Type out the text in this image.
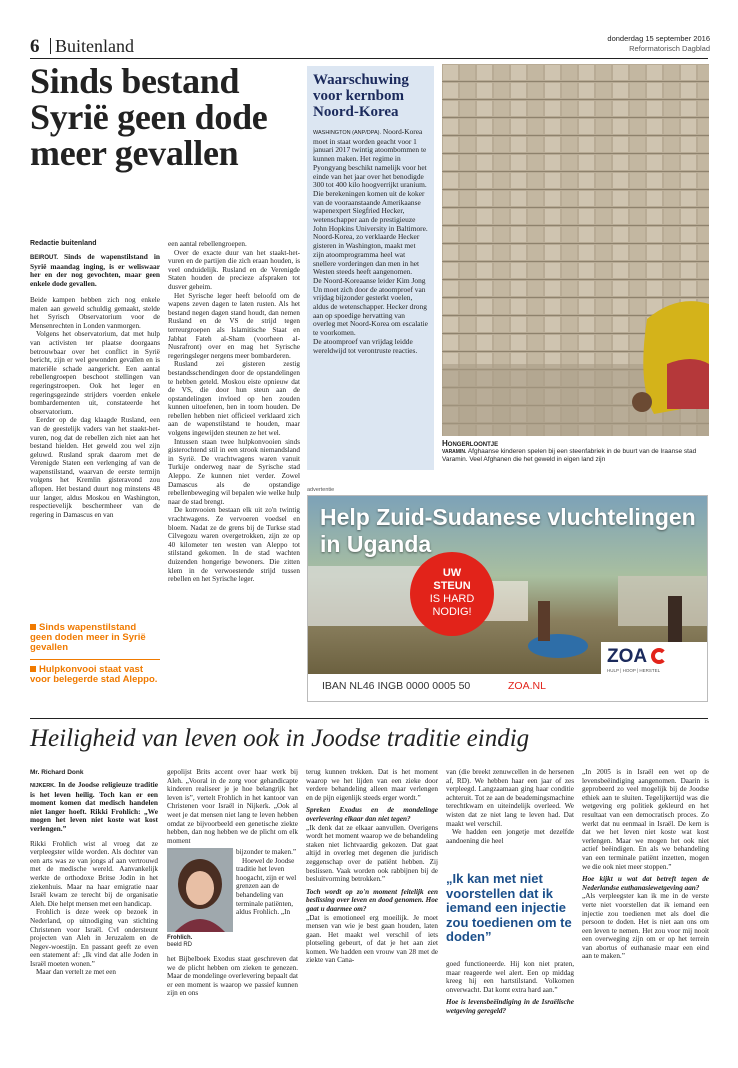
6 Buitenland	donderdag 15 september 2016
Reformatorisch Dagblad
Sinds bestand Syrië geen dode meer gevallen
Redactie buitenland
BEIROUT. Sinds de wapenstilstand in Syrië maandag inging, is er weliswaar her en der nog gevochten, maar geen enkele dode gevallen.

Beide kampen hebben zich nog enkele malen aan geweld schuldig gemaakt, stelde het Syrisch Observatorium voor de Mensenrechten in Londen vanmorgen.

Volgens het observatorium, dat met hulp van activisten ter plaatse doorgaans betrouwbaar over het conflict in Syrië bericht, zijn er wel gewonden gevallen en is materiële schade aangericht. Een aantal rebellengroepen beschoot stellingen van regeringstroepen. Ook het leger en regeringsgezinde strijders voerden enkele bombardementen uit, constateerde het observatorium.

Eerder op de dag klaagde Rusland, een van de geestelijk vaders van het staakt-het-vuren, nog dat de rebellen zich niet aan het bestand hielden. Het geweld zou wel zijn geluwd. Rusland sprak daarom met de Verenigde Staten een verlenging af van de wapenstilstand, waarvan de eerste termijn volgens het Kremlin gisteravond zou aflopen. Het bestand duurt nog minstens 48 uur langer, aldus Moskou en Washington, respectievelijk beschermheer van de regering in Damascus en van

Sinds wapenstilstand geen doden meer in Syrië gevallen
Hulpkonvooi staat vast voor belegerde stad Aleppo.

een aantal rebellengroepen.

Over de exacte duur van het staakt-het-vuren en de partijen die zich eraan houden, is veel onduidelijk. Rusland en de Verenigde Staten houden de precieze afspraken tot dusver geheim.

Het Syrische leger heeft beloofd om de wapens zeven dagen te laten rusten. Als het bestand negen dagen stand houdt, dan nemen Rusland en de VS de strijd tegen terreurgroepen als Islamitische Staat en Jabhat Fateh al-Sham (voorheen al-Nusrafront) over en mag het Syrische regeringsleger nergens meer bombarderen.

Rusland zei gisteren zestig bestandsschendingen door de opstandelingen te hebben geteld. Moskou eiste opnieuw dat de VS, die door hun steun aan de opstandelingen invloed op hen zouden kunnen uitoefenen, hen in toom houden. De rebellen hebben niet officieel verklaard zich aan de wapenstilstand te houden, maar volgens ingewijden steunen ze het wel.

Intussen staan twee hulpkonvooien sinds gisterochtend stil in een strook niemandsland in Syrië. De vrachtwagens waren vanuit Turkije onderweg naar de Syrische stad Aleppo. Ze kunnen niet verder. Zowel Damascus als de opstandige rebellenbeweging wil bepalen wie welke hulp naar de stad brengt.

De konvooien bestaan elk uit zo'n twintig vrachtwagens. Ze vervoeren voedsel en bloem. Nadat ze de grens bij de Turkse stad Cilvegozu waren overgetrokken, zijn ze op 40 kilometer ten westen van Aleppo tot stilstand gekomen. In de stad wachten duizenden hongerige bewoners. Die zitten klem in de verwoestende strijd tussen rebellen en het Syrische leger.

Waarschuwing voor kernbom Noord-Korea

WASHINGTON (ANP/DPA). Noord-Korea moet in staat worden geacht voor 1 januari 2017 twintig atoombommen te kunnen maken. Het regime in Pyongyang beschikt namelijk voor het einde van het jaar over het benodigde 300 tot 400 kilo hoogverrijkt uranium.

Die berekeningen komen uit de koker van de vooraanstaande Amerikaanse wapenexpert Siegfried Hecker, wetenschapper aan de prestigieuze John Hopkins University in Baltimore. Noord-Korea, zo verklaarde Hecker gisteren in Washington, maakt met zijn atoomprogramma heel wat snellere vorderingen dan men in het Westen steeds heeft aangenomen.

De Noord-Koreaanse leider Kim Jong Un moet zich door de atoomproef van vrijdag bijzonder gesterkt voelen, aldus de wetenschapper. Hecker drong aan op spoedige hervatting van overleg met Noord-Korea om escalatie te voorkomen.

De atoomproef van vrijdag leidde wereldwijd tot verontruste reacties.

Hongerloontje
VARAMIN. Afghaanse kinderen spelen bij een steenfabriek in de buurt van de Iraanse stad Varamin. Veel Afghanen die het geweld in eigen land zijn
advertentie
Help Zuid-Sudanese vluchtelingen in Uganda
UW
STEUN
IS HARD
NODIG!
ZOA
HULP | HOOP | HERSTEL
IBAN NL46 INGB 0000 0005 50	ZOA.NL
Heiligheid van leven ook in Joodse traditie eindig
Mr. Richard Donk

NIJKERK. In de Joodse religieuze traditie is het leven heilig. Toch kan er een moment komen dat medisch handelen niet langer hoeft. Rikki Frohlich: „We mogen het leven niet koste wat kost verlengen.”

Rikki Frohlich wist al vroeg dat ze verpleegster wilde worden. Als dochter van een arts was ze van jongs af aan vertrouwd met de medische wereld. Aanvankelijk werkte de orthodoxe Britse Jodin in het ziekenhuis. Maar na haar emigratie naar Israël kwam ze terecht bij de organisatie Aleh. Die helpt mensen met een handicap.

Frohlich is deze week op bezoek in Nederland, op uitnodiging van stichting Christenen voor Israël. CvI ondersteunt projecten van Aleh in Jeruzalem en de Negev-woestijn. En passant geeft ze even een statement af: „Ik vind dat alle Joden in Israël moeten wonen.”

Maar dan vertelt ze met een

gepolijst Brits accent over haar werk bij Aleh. „Vooral in de zorg voor gehandicapte kinderen realiseer je je hoe belangrijk het leven is”, vertelt Frohlich in het kantoor van Christenen voor Israël in Nijkerk. „Ook al weet je dat mensen niet lang te leven hebben omdat ze bijvoorbeeld een genetische ziekte hebben, dan nog hebben we de plicht om elk moment

bijzonder te maken.”

Hoewel de Joodse traditie het leven hoogacht, zijn er wel grenzen aan de behandeling van terminale patiënten, aldus Frohlich. „In

Frohlich.
beeld RD
het Bijbelboek Exodus staat geschreven dat we de plicht hebben om zieken te genezen. Maar de mondelinge overlevering bepaalt dat er een moment is waarop we passief kunnen zijn en ons

terug kunnen trekken. Dat is het moment waarop we het lijden van een zieke door verdere behandeling alleen maar verlengen en de pijn eigenlijk steeds erger wordt.”

Spreken Exodus en de mondelinge overlevering elkaar dan niet tegen?

„Ik denk dat ze elkaar aanvullen. Overigens wordt het moment waarop we de behandeling staken niet lichtvaardig gekozen. Dat gaat altijd in overleg met degenen die juridisch zeggenschap over de patiënt hebben. Zij beslissen. Vaak worden ook rabbijnen bij de besluitvorming betrokken.”

Toch wordt op zo'n moment feitelijk een beslissing over leven en dood genomen. Hoe gaat u daarmee om?

„Dat is emotioneel erg moeilijk. Je moet mensen van wie je best gaan houden, laten gaan. Het maakt wel verschil of iets plotseling gebeurt, of dat je het aan ziet komen. We hadden een vrouw van 28 met de ziekte van Cana-

van (die breekt zenuwcellen in de hersenen af, RD). We hebben haar een jaar of zes verpleegd. Langzaamaan ging haar conditie achteruit. Tot ze aan de beademingsmachine terechtkwam en uiteindelijk overleed. We wisten dat ze niet lang te leven had. Dat maakt wel verschil.

We hadden een jongetje met dezelfde aandoening die heel

„Ik kan met niet voorstellen dat ik iemand een injectie zou toedienen om te doden”

goed functioneerde. Hij kon niet praten, maar reageerde wel alert. Een op middag kreeg hij een hartstilstand. Volkomen onverwacht. Dat komt extra hard aan.”

Hoe is levensbeëindiging in de Israëlische wetgeving geregeld?

„In 2005 is in Israël een wet op de levensbeëindiging aangenomen. Daarin is geprobeerd zo veel mogelijk bij de Joodse ethiek aan te sluiten. Tegelijkertijd was die wetgeving erg politiek gekleurd en het resultaat van een democratisch proces. Zo werkt dat nu eenmaal in Israël. De kern is dat we het leven niet koste wat kost verlengen. Maar we mogen het ook niet actief beëindigen. En als we behandeling van een terminale patiënt inzetten, mogen we die ook niet meer stoppen.”

Hoe kijkt u wat dat betreft tegen de Nederlandse euthanasiewetgeving aan?

„Als verpleegster kan ik me in de verste verte niet voorstellen dat ik iemand een injectie zou toedienen met als doel die persoon te doden. Het is niet aan ons om een leven te nemen. Het zou voor mij nooit een overweging zijn om er op het terrein van abortus of euthanasie maar een eind aan te maken.”
